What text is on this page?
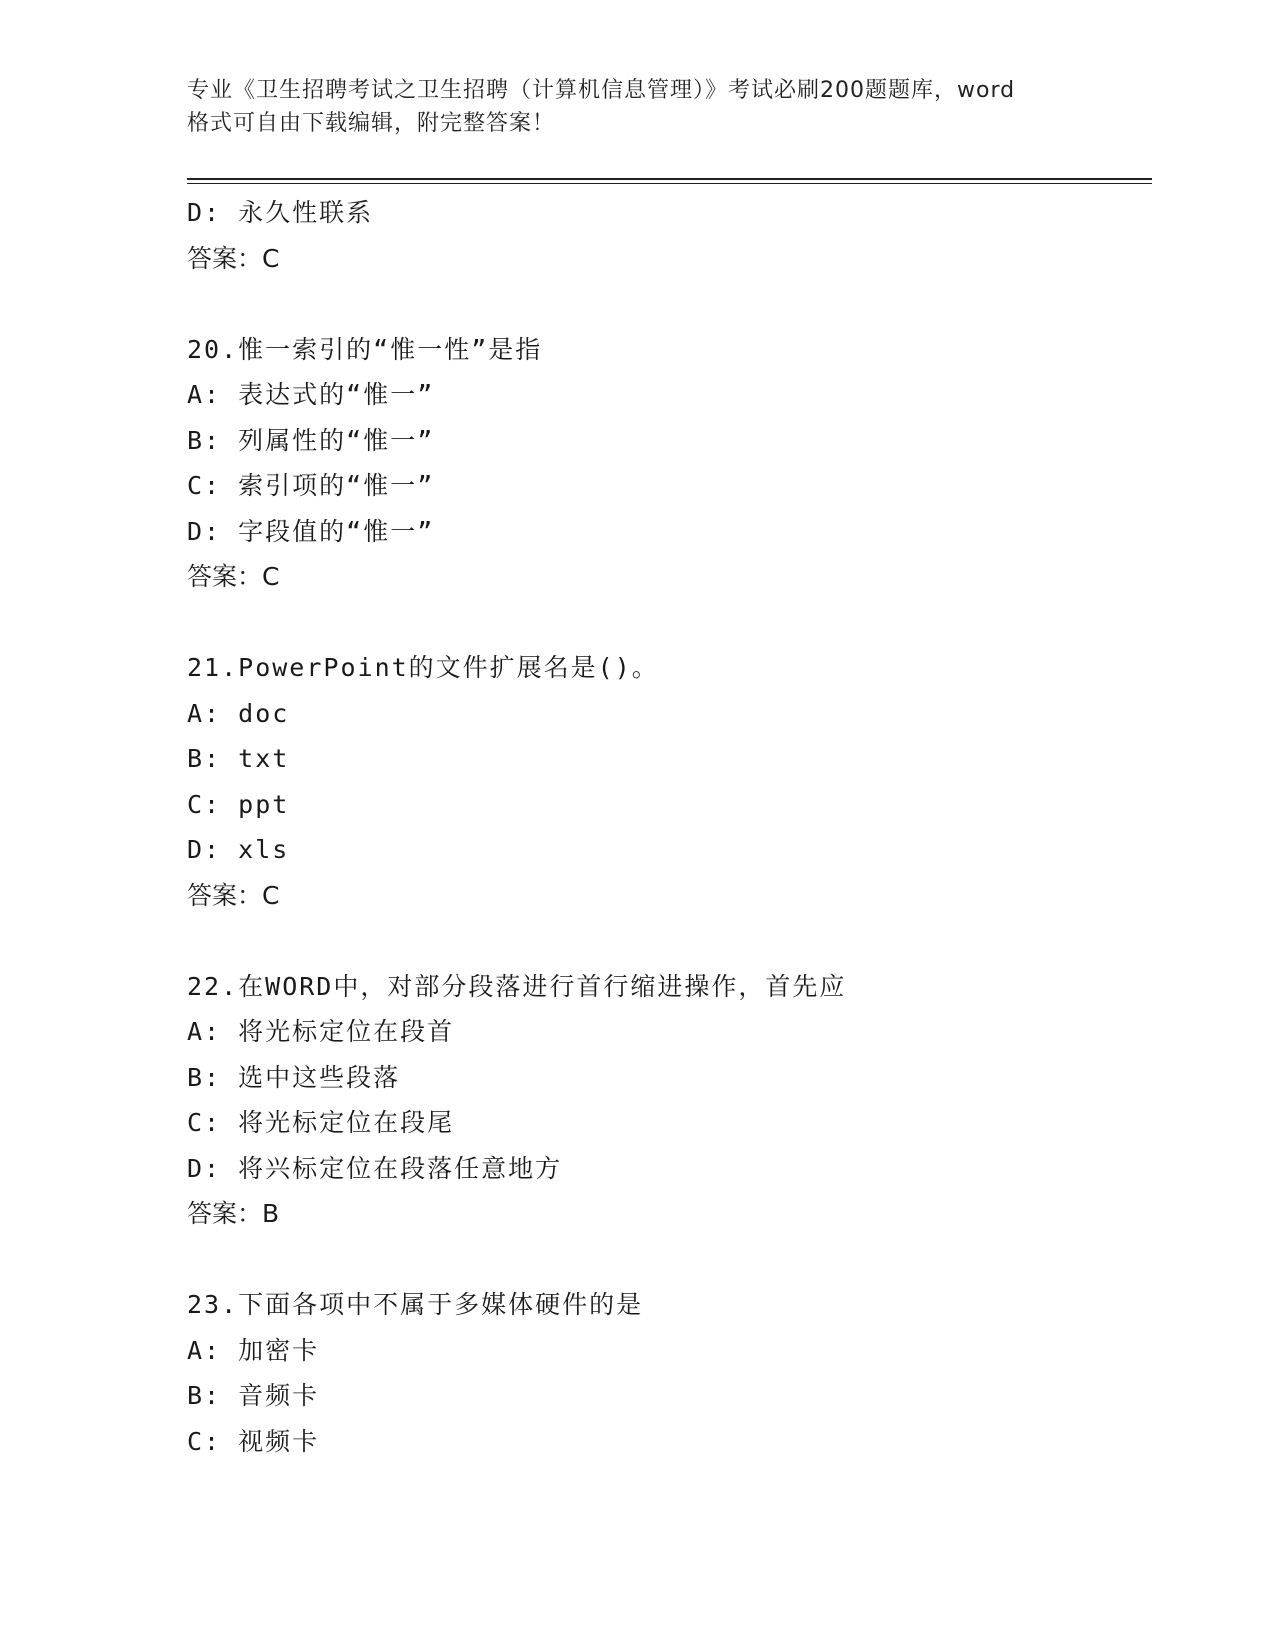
专业《卫生招聘考试之卫生招聘（计算机信息管理）》考试必刷200题题库，word
格式可自由下载编辑，附完整答案！
D: 永久性联系
答案：C
20.惟一索引的“惟一性”是指
A: 表达式的“惟一”
B: 列属性的“惟一”
C: 索引项的“惟一”
D: 字段值的“惟一”
答案：C
21.PowerPoint的文件扩展名是()。
A: doc
B: txt
C: ppt
D: xls
答案：C
22.在WORD中，对部分段落进行首行缩进操作，首先应
A: 将光标定位在段首
B: 选中这些段落
C: 将光标定位在段尾
D: 将兴标定位在段落任意地方
答案：B
23.下面各项中不属于多媒体硬件的是
A: 加密卡
B: 音频卡
C: 视频卡
